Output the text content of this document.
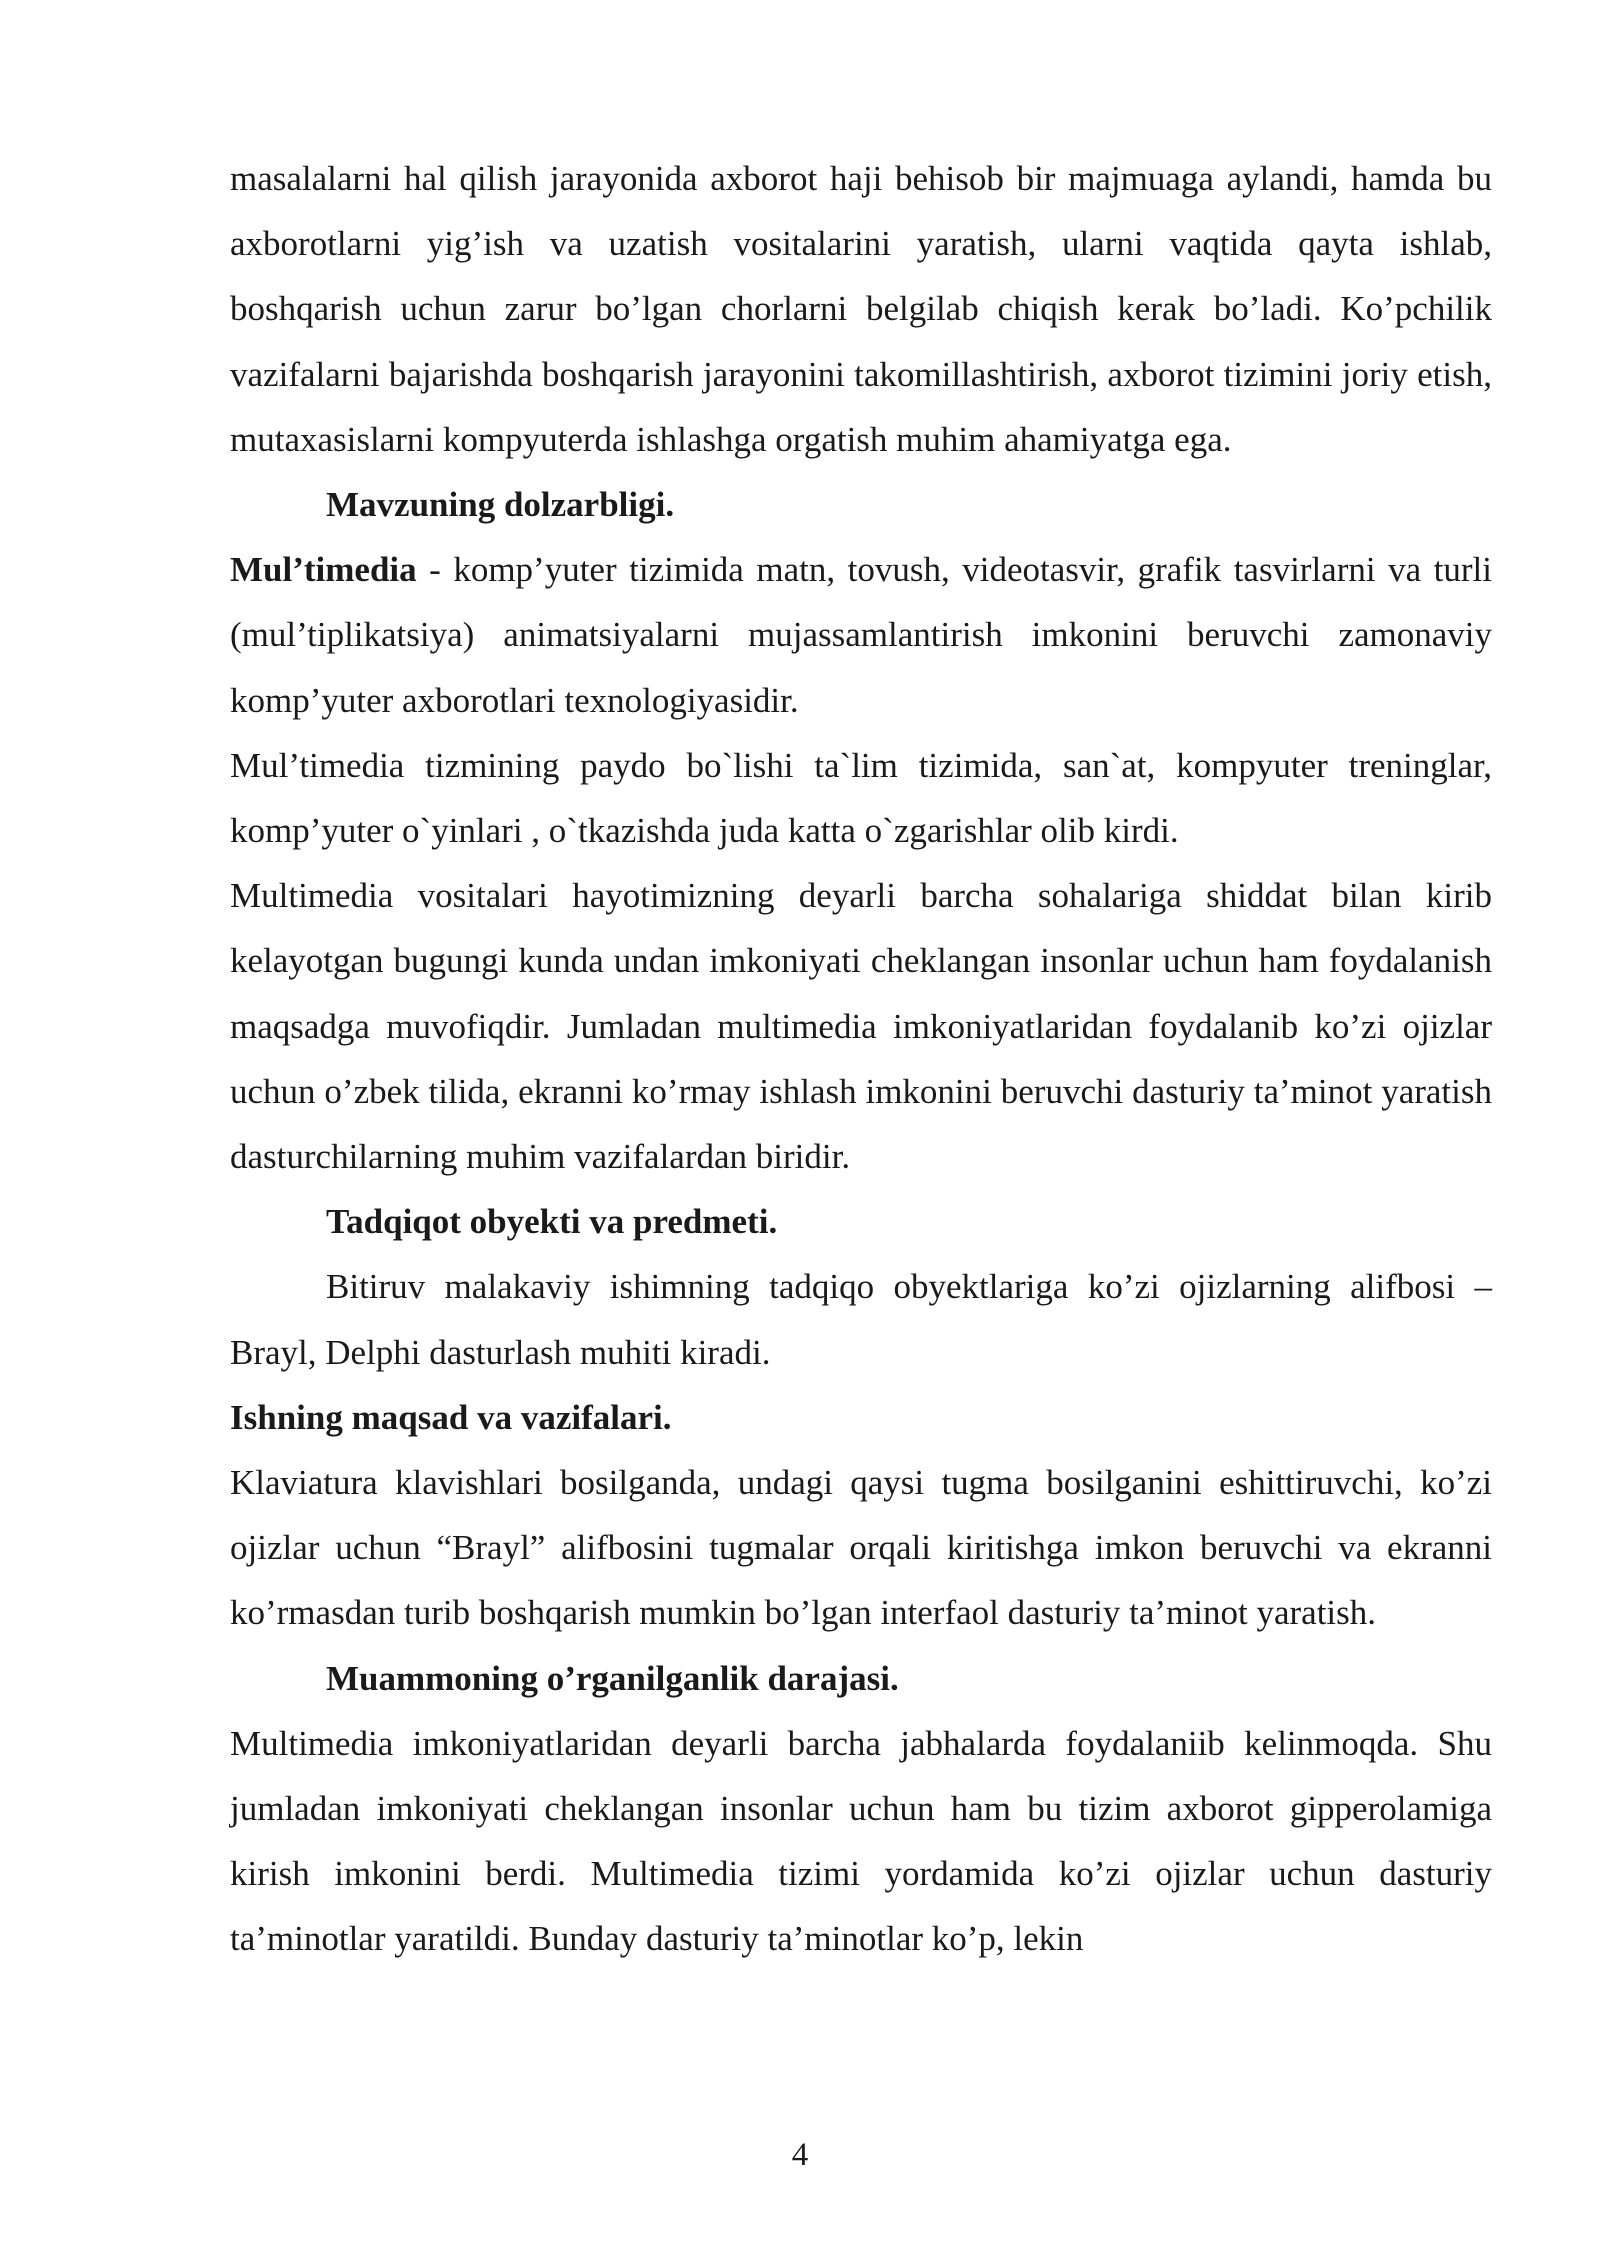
masalalarni hal qilish jarayonida axborot haji behisob bir majmuaga aylandi, hamda bu axborotlarni yig’ish va uzatish vositalarini yaratish, ularni vaqtida qayta ishlab, boshqarish uchun zarur bo’lgan chorlarni belgilab chiqish kerak bo’ladi. Ko’pchilik vazifalarni bajarishda boshqarish jarayonini takomillashtirish, axborot tizimini joriy etish, mutaxasislarni kompyuterda ishlashga orgatish muhim ahamiyatga ega.

Mavzuning dolzarbligi.

Mul’timedia - komp’yuter tizimida matn, tovush, videotasvir, grafik tasvirlarni va turli (mul’tiplikatsiya) animatsiyalarni mujassamlantirish imkonini beruvchi zamonaviy komp’yuter axborotlari texnologiyasidir.

Mul’timedia tizmining paydo bo`lishi ta`lim tizimida, san`at, kompyuter treninglar, komp’yuter o`yinlari , o`tkazishda juda katta o`zgarishlar olib kirdi.

Multimedia vositalari hayotimizning deyarli barcha sohalariga shiddat bilan kirib kelayotgan bugungi kunda undan imkoniyati cheklangan insonlar uchun ham foydalanish maqsadga muvofiqdir. Jumladan multimedia imkoniyatlaridan foydalanib ko’zi ojizlar uchun o’zbek tilida, ekranni ko’rmay ishlash imkonini beruvchi dasturiy ta’minot yaratish dasturchilarning muhim vazifalardan biridir.

Tadqiqot obyekti va predmeti.

Bitiruv malakaviy ishimning tadqiqo obyektlariga ko’zi ojizlarning alifbosi – Brayl, Delphi dasturlash muhiti kiradi.

Ishning maqsad va vazifalari.

Klaviatura klavishlari bosilganda, undagi qaysi tugma bosilganini eshittiruvchi, ko’zi ojizlar uchun “Brayl” alifbosini tugmalar orqali kiritishga imkon beruvchi va ekranni ko’rmasdan turib boshqarish mumkin bo’lgan interfaol dasturiy ta’minot yaratish.

Muammoning o’rganilganlik darajasi.

Multimedia imkoniyatlaridan deyarli barcha jabhalarda foydalaniib kelinmoqda. Shu jumladan imkoniyati cheklangan insonlar uchun ham bu tizim axborot gipperolamiga kirish imkonini berdi. Multimedia tizimi yordamida ko’zi ojizlar uchun dasturiy ta’minotlar yaratildi. Bunday dasturiy ta’minotlar ko’p, lekin

4
